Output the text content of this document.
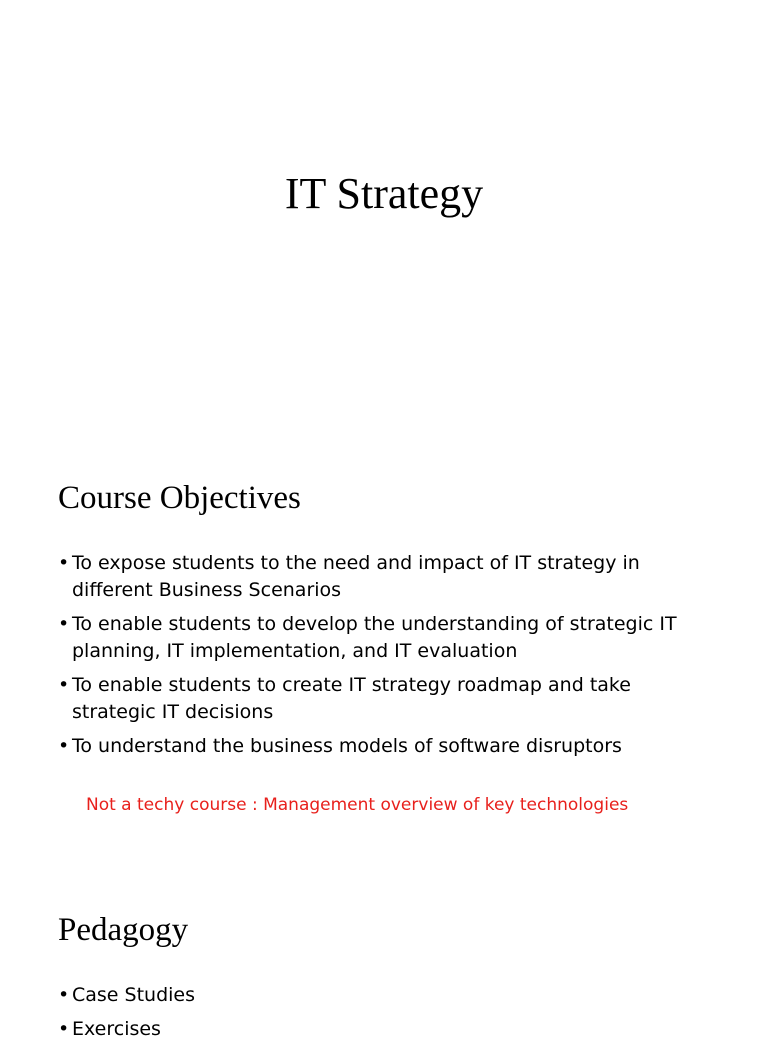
IT Strategy
Course Objectives
• To expose students to the need and impact of IT strategy in different Business Scenarios
• To enable students to develop the understanding of strategic IT planning, IT implementation, and IT evaluation
• To enable students to create IT strategy roadmap and take strategic IT decisions
• To understand the business models of software disruptors

Not a techy course : Management overview of key technologies

Pedagogy
• Case Studies
• Exercises
